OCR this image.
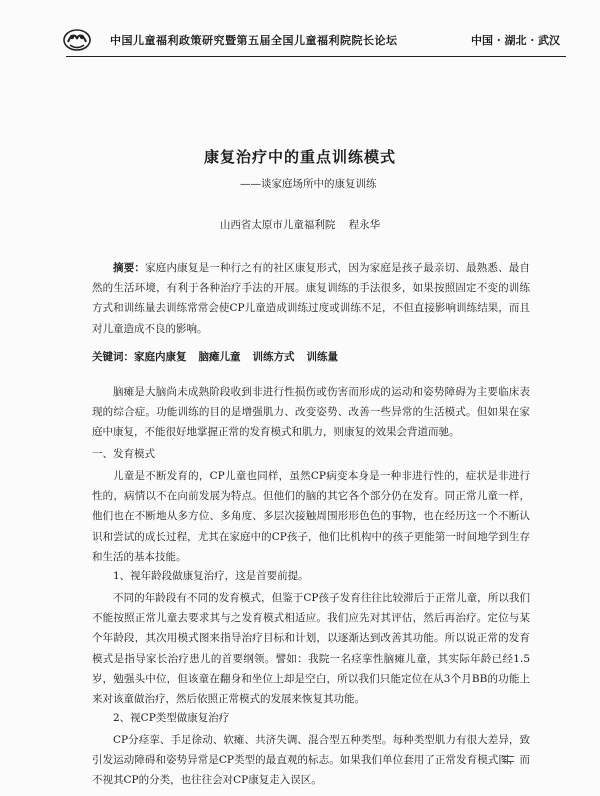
中国儿童福利政策研究暨第五届全国儿童福利院院长论坛	中国 · 湖北 · 武汉
康复治疗中的重点训练模式
——谈家庭场所中的康复训练
山西省太原市儿童福利院 程永华
摘要：家庭内康复是一种行之有的社区康复形式，因为家庭是孩子最亲切、最熟悉、最自然的生活环境，有利于各种治疗手法的开展。康复训练的手法很多，如果按照固定不变的训练方式和训练量去训练常常会使CP儿童造成训练过度或训练不足，不但直接影响训练结果，而且对儿童造成不良的影响。
关键词：家庭内康复 脑瘫儿童 训练方式 训练量
脑瘫是大脑尚未成熟阶段收到非进行性损伤或伤害而形成的运动和姿势障碍为主要临床表现的综合症。功能训练的目的是增强肌力、改变姿势、改善一些异常的生活模式。但如果在家庭中康复，不能很好地掌握正常的发育模式和肌力，则康复的效果会背道而驰。
一、发育模式
儿童是不断发育的，CP儿童也同样，虽然CP病变本身是一种非进行性的，症状是非进行性的，病情以不在向前发展为特点。但他们的脑的其它各个部分仍在发育。同正常儿童一样，他们也在不断地从多方位、多角度、多层次接触周围形形色色的事物，也在经历这一个不断认识和尝试的成长过程，尤其在家庭中的CP孩子，他们比机构中的孩子更能第一时间地学到生存和生活的基本技能。
1、视年龄段做康复治疗，这是首要前提。
不同的年龄段有不同的发育模式，但鉴于CP孩子发育往往比较滞后于正常儿童，所以我们不能按照正常儿童去要求其与之发育模式相适应。我们应先对其评估，然后再治疗。定位与某个年龄段，其次用模式图来指导治疗目标和计划，以逐渐达到改善其功能。所以说正常的发育模式是指导家长治疗患儿的首要纲领。譬如：我院一名痉挛性脑瘫儿童，其实际年龄已经1.5岁，勉强头中位，但该童在翻身和坐位上却是空白，所以我们只能定位在从3个月BB的功能上来对该童做治疗，然后依照正常模式的发展来恢复其功能。
2、视CP类型做康复治疗
CP分痉挛、手足徐动、软瘫、共济失调、混合型五种类型。每种类型肌力有很大差异，致引发运动障碍和姿势异常是CP类型的最直观的标志。如果我们单位套用了正常发育模式图，而不视其CP的分类，也往往会对CP康复走入误区。
